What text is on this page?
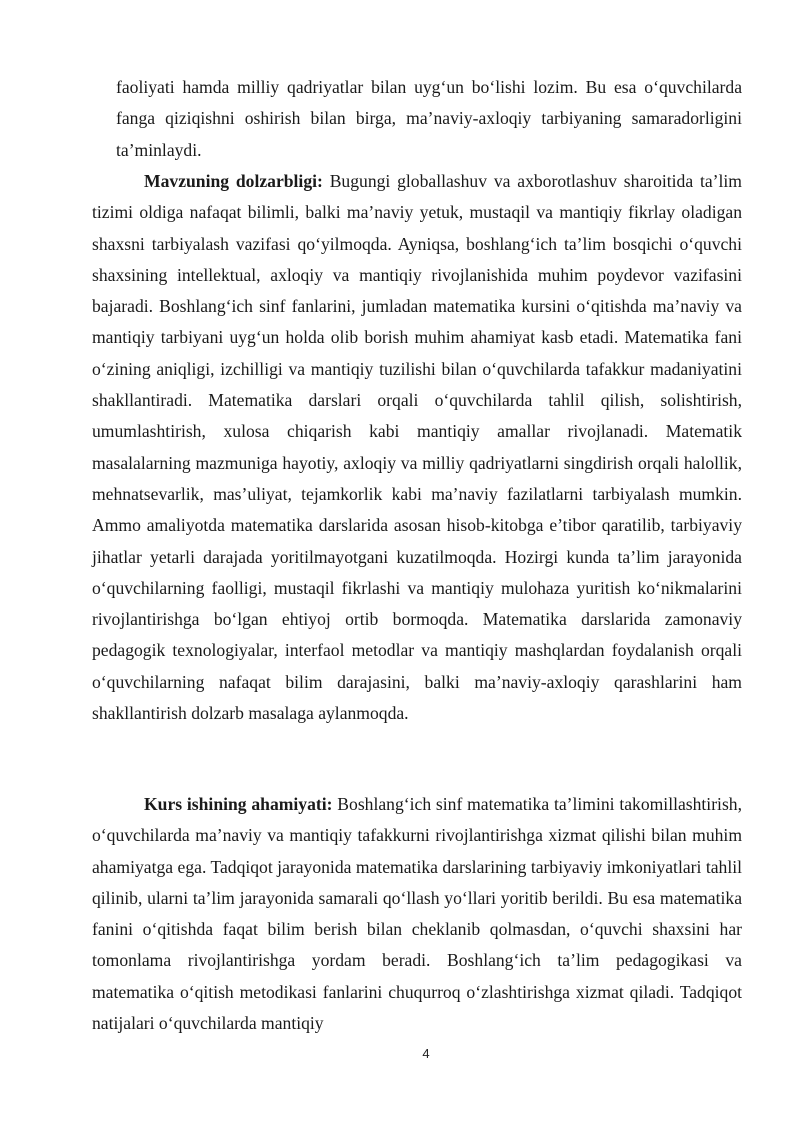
faoliyati hamda milliy qadriyatlar bilan uyg‘un bo‘lishi lozim. Bu esa o‘quvchilarda fanga qiziqishni oshirish bilan birga, ma’naviy-axloqiy tarbiyaning samaradorligini ta’minlaydi.

Mavzuning dolzarbligi: Bugungi globallashuv va axborotlashuv sharoitida ta’lim tizimi oldiga nafaqat bilimli, balki ma’naviy yetuk, mustaqil va mantiqiy fikrlay oladigan shaxsni tarbiyalash vazifasi qo‘yilmoqda. Ayniqsa, boshlang‘ich ta’lim bosqichi o‘quvchi shaxsining intellektual, axloqiy va mantiqiy rivojlanishida muhim poydevor vazifasini bajaradi. Boshlang‘ich sinf fanlarini, jumladan matematika kursini o‘qitishda ma’naviy va mantiqiy tarbiyani uyg‘un holda olib borish muhim ahamiyat kasb etadi. Matematika fani o‘zining aniqligi, izchilligi va mantiqiy tuzilishi bilan o‘quvchilarda tafakkur madaniyatini shakllantiradi. Matematika darslari orqali o‘quvchilarda tahlil qilish, solishtirish, umumlashtirish, xulosa chiqarish kabi mantiqiy amallar rivojlanadi. Matematik masalalarning mazmuniga hayotiy, axloqiy va milliy qadriyatlarni singdirish orqali halollik, mehnatsevarlik, mas’uliyat, tejamkorlik kabi ma’naviy fazilatlarni tarbiyalash mumkin. Ammo amaliyotda matematika darslarida asosan hisob-kitobga e’tibor qaratilib, tarbiyaviy jihatlar yetarli darajada yoritilmayotgani kuzatilmoqda. Hozirgi kunda ta’lim jarayonida o‘quvchilarning faolligi, mustaqil fikrlashi va mantiqiy mulohaza yuritish ko‘nikmalarini rivojlantirishga bo‘lgan ehtiyoj ortib bormoqda. Matematika darslarida zamonaviy pedagogik texnologiyalar, interfaol metodlar va mantiqiy mashqlardan foydalanish orqali o‘quvchilarning nafaqat bilim darajasini, balki ma’naviy-axloqiy qarashlarini ham shakllantirish dolzarb masalaga aylanmoqda.

Kurs ishining ahamiyati: Boshlang‘ich sinf matematika ta’limini takomillashtirish, o‘quvchilarda ma’naviy va mantiqiy tafakkurni rivojlantirishga xizmat qilishi bilan muhim ahamiyatga ega. Tadqiqot jarayonida matematika darslarining tarbiyaviy imkoniyatlari tahlil qilinib, ularni ta’lim jarayonida samarali qo‘llash yo‘llari yoritib berildi. Bu esa matematika fanini o‘qitishda faqat bilim berish bilan cheklanib qolmasdan, o‘quvchi shaxsini har tomonlama rivojlantirishga yordam beradi. Boshlang‘ich ta’lim pedagogikasi va matematika o‘qitish metodikasi fanlarini chuqurroq o‘zlashtirishga xizmat qiladi. Tadqiqot natijalari o‘quvchilarda mantiqiy

4
